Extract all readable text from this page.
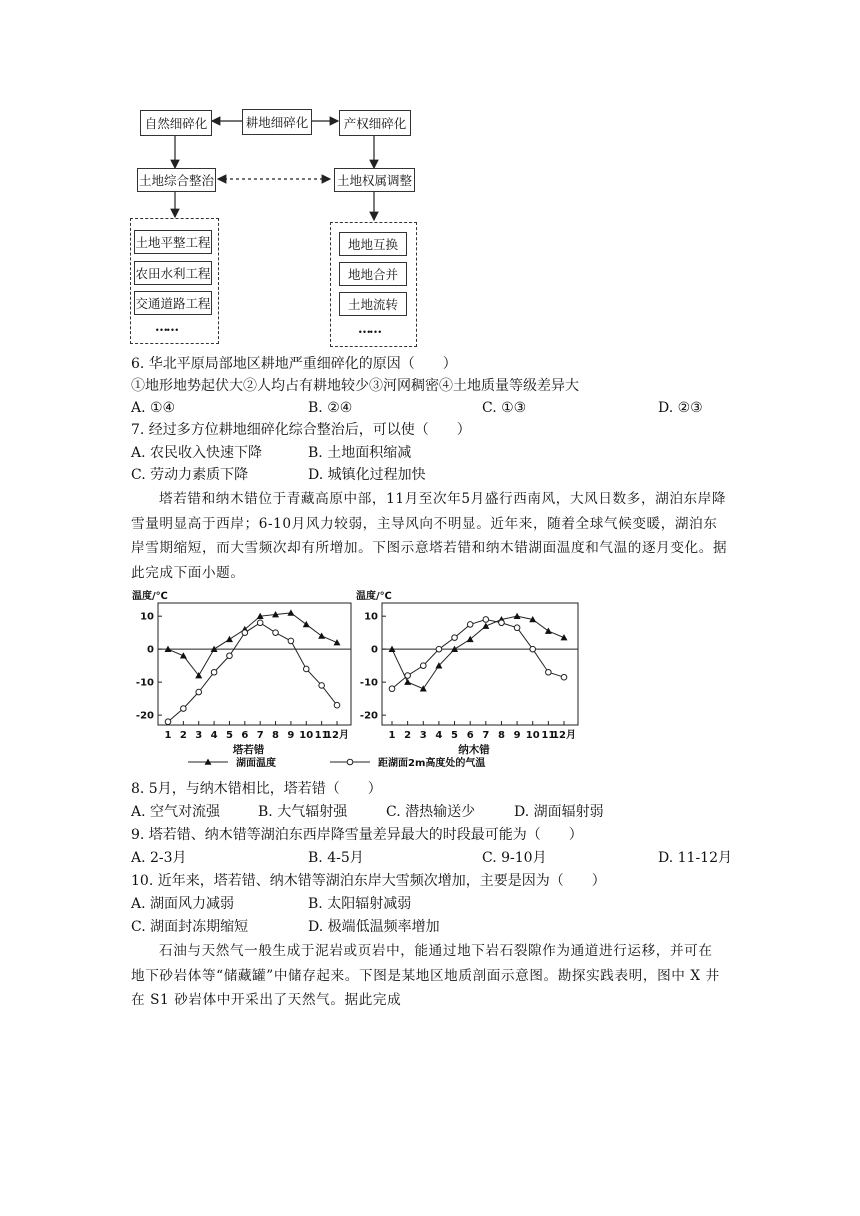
耕地细碎化
自然细碎化	产权细碎化
土地综合整治	土地权属调整
土地平整工程
农田水利工程
交通道路工程
……
地地互换
地地合并
土地流转
……
6. 华北平原局部地区耕地严重细碎化的原因（　　）
①地形地势起伏大②人均占有耕地较少③河网稠密④土地质量等级差异大
A. ①④	B. ②④	C. ①③	D. ②③
7. 经过多方位耕地细碎化综合整治后，可以使（　　）
A. 农民收入快速下降	B. 土地面积缩减
C. 劳动力素质下降	D. 城镇化过程加快
塔若错和纳木错位于青藏高原中部，11月至次年5月盛行西南风，大风日数多，湖泊东岸降雪量明显高于西岸；6-10月风力较弱，主导风向不明显。近年来，随着全球气候变暖，湖泊东岸雪期缩短，而大雪频次却有所增加。下图示意塔若错和纳木错湖面温度和气温的逐月变化。据此完成下面小题。
温度/℃
10
0
-10
-20
1 2 3 4 5 6 7 8 9 10 11
12月
塔若错
温度/℃
10
0
-10
-20
1 2 3 4 5 6 7 8 9 10 11
12月
纳木错
湖面温度	距湖面2m高度处的气温
8. 5月，与纳木错相比，塔若错（　　）
A. 空气对流强	B. 大气辐射强	C. 潜热输送少	D. 湖面辐射弱
9. 塔若错、纳木错等湖泊东西岸降雪量差异最大的时段最可能为（　　）
A. 2-3月	B. 4-5月	C. 9-10月	D. 11-12月
10. 近年来，塔若错、纳木错等湖泊东岸大雪频次增加，主要是因为（　　）
A. 湖面风力减弱	B. 太阳辐射减弱
C. 湖面封冻期缩短	D. 极端低温频率增加
石油与天然气一般生成于泥岩或页岩中，能通过地下岩石裂隙作为通道进行运移，并可在地下砂岩体等“储藏罐”中储存起来。下图是某地区地质剖面示意图。勘探实践表明，图中 X 井在 S1 砂岩体中开采出了天然气。据此完成
